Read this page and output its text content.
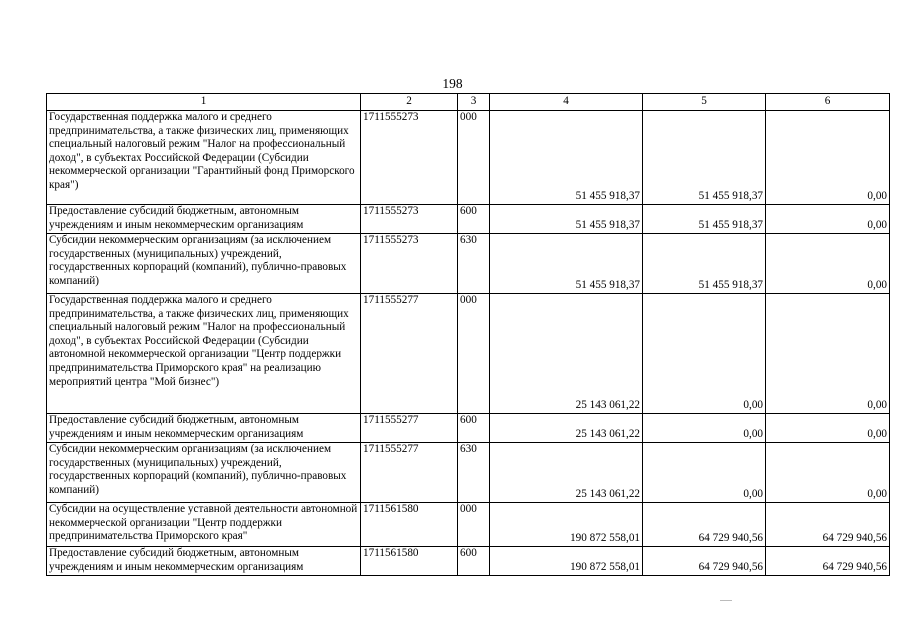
198
1	2	3	4	5	6
Государственная поддержка малого и среднего предпринимательства, а также физических лиц, применяющих специальный налоговый режим "Налог на профессиональный доход", в субъектах Российской Федерации (Субсидии некоммерческой организации "Гарантийный фонд Приморского края")	1711555273	000	51 455 918,37	51 455 918,37	0,00
Предоставление субсидий бюджетным, автономным учреждениям и иным некоммерческим организациям	1711555273	600	51 455 918,37	51 455 918,37	0,00
Субсидии некоммерческим организациям (за исключением государственных (муниципальных) учреждений, государственных корпораций (компаний), публично-правовых компаний)	1711555273	630	51 455 918,37	51 455 918,37	0,00
Государственная поддержка малого и среднего предпринимательства, а также физических лиц, применяющих специальный налоговый режим "Налог на профессиональный доход", в субъектах Российской Федерации (Субсидии автономной некоммерческой организации "Центр поддержки предпринимательства Приморского края" на реализацию мероприятий центра "Мой бизнес")	1711555277	000	25 143 061,22	0,00	0,00
Предоставление субсидий бюджетным, автономным учреждениям и иным некоммерческим организациям	1711555277	600	25 143 061,22	0,00	0,00
Субсидии некоммерческим организациям (за исключением государственных (муниципальных) учреждений, государственных корпораций (компаний), публично-правовых компаний)	1711555277	630	25 143 061,22	0,00	0,00
Субсидии на осуществление уставной деятельности автономной некоммерческой организации "Центр поддержки предпринимательства Приморского края"	1711561580	000	190 872 558,01	64 729 940,56	64 729 940,56
Предоставление субсидий бюджетным, автономным учреждениям и иным некоммерческим организациям	1711561580	600	190 872 558,01	64 729 940,56	64 729 940,56
